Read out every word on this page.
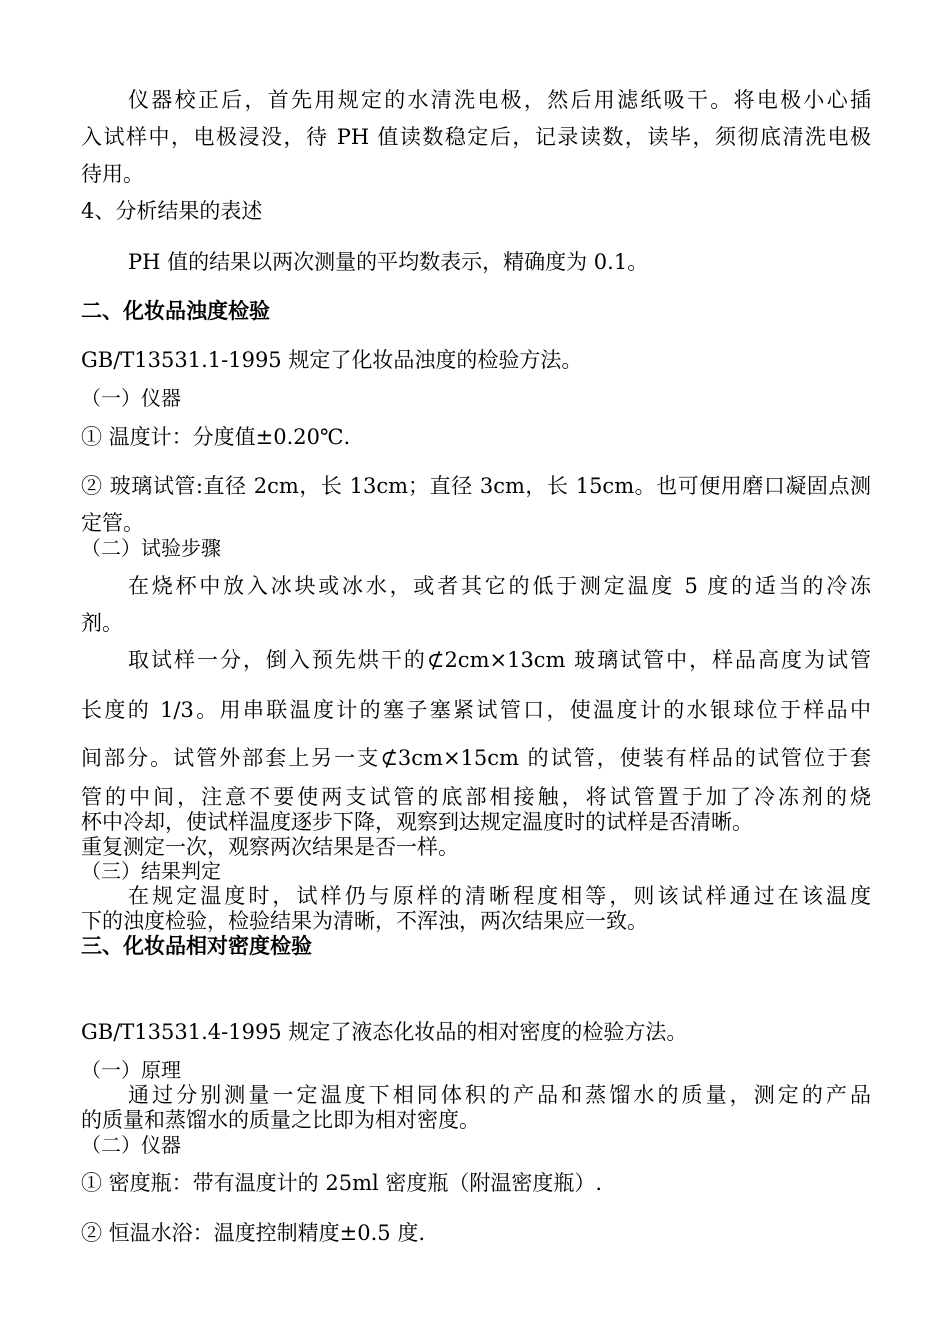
仪器校正后，首先用规定的水清洗电极，然后用滤纸吸干。将电极小心插
入试样中，电极浸没，待 PH 值读数稳定后，记录读数，读毕，须彻底清洗电极
待用。
4、分析结果的表述
PH 值的结果以两次测量的平均数表示，精确度为 0.1。
二、化妆品浊度检验
GB/T13531.1-1995 规定了化妆品浊度的检验方法。
（一）仪器
① 温度计：分度值±0.20℃.
② 玻璃试管:直径 2cm，长 13cm；直径 3cm，长 15cm。也可便用磨口凝固点测
定管。
（二）试验步骤
在烧杯中放入冰块或冰水，或者其它的低于测定温度 5 度的适当的冷冻
剂。
取试样一分，倒入预先烘干的⊄2cm×13cm 玻璃试管中，样品高度为试管
长度的 1/3。用串联温度计的塞子塞紧试管口，使温度计的水银球位于样品中
间部分。试管外部套上另一支⊄3cm×15cm 的试管，使装有样品的试管位于套
管的中间，注意不要使两支试管的底部相接触，将试管置于加了冷冻剂的烧
杯中冷却，使试样温度逐步下降，观察到达规定温度时的试样是否清晰。
重复测定一次，观察两次结果是否一样。
（三）结果判定
在规定温度时，试样仍与原样的清晰程度相等，则该试样通过在该温度
下的浊度检验，检验结果为清晰，不浑浊，两次结果应一致。
三、化妆品相对密度检验
GB/T13531.4-1995 规定了液态化妆品的相对密度的检验方法。
（一）原理
通过分别测量一定温度下相同体积的产品和蒸馏水的质量，测定的产品
的质量和蒸馏水的质量之比即为相对密度。
（二）仪器
① 密度瓶：带有温度计的 25ml 密度瓶（附温密度瓶）.
② 恒温水浴：温度控制精度±0.5 度.
